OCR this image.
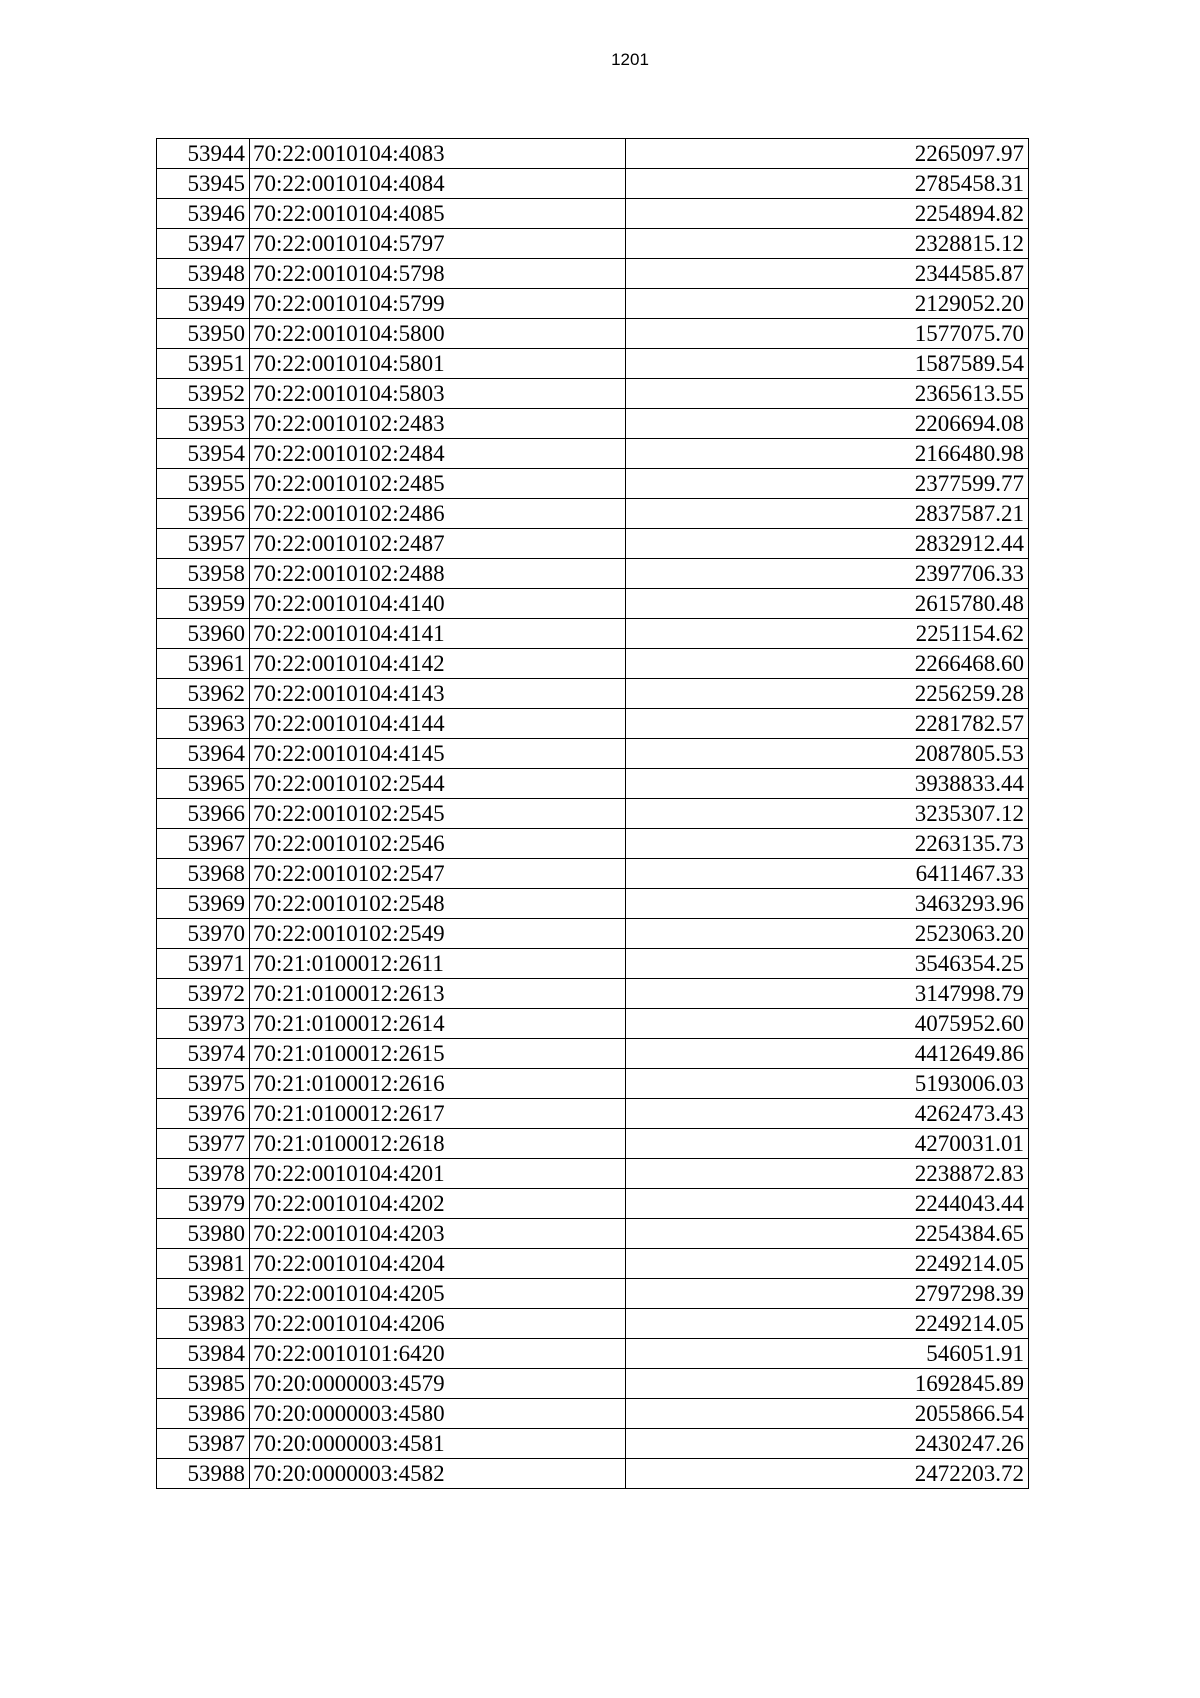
1201
53944	70:22:0010104:4083	2265097.97
53945	70:22:0010104:4084	2785458.31
53946	70:22:0010104:4085	2254894.82
53947	70:22:0010104:5797	2328815.12
53948	70:22:0010104:5798	2344585.87
53949	70:22:0010104:5799	2129052.20
53950	70:22:0010104:5800	1577075.70
53951	70:22:0010104:5801	1587589.54
53952	70:22:0010104:5803	2365613.55
53953	70:22:0010102:2483	2206694.08
53954	70:22:0010102:2484	2166480.98
53955	70:22:0010102:2485	2377599.77
53956	70:22:0010102:2486	2837587.21
53957	70:22:0010102:2487	2832912.44
53958	70:22:0010102:2488	2397706.33
53959	70:22:0010104:4140	2615780.48
53960	70:22:0010104:4141	2251154.62
53961	70:22:0010104:4142	2266468.60
53962	70:22:0010104:4143	2256259.28
53963	70:22:0010104:4144	2281782.57
53964	70:22:0010104:4145	2087805.53
53965	70:22:0010102:2544	3938833.44
53966	70:22:0010102:2545	3235307.12
53967	70:22:0010102:2546	2263135.73
53968	70:22:0010102:2547	6411467.33
53969	70:22:0010102:2548	3463293.96
53970	70:22:0010102:2549	2523063.20
53971	70:21:0100012:2611	3546354.25
53972	70:21:0100012:2613	3147998.79
53973	70:21:0100012:2614	4075952.60
53974	70:21:0100012:2615	4412649.86
53975	70:21:0100012:2616	5193006.03
53976	70:21:0100012:2617	4262473.43
53977	70:21:0100012:2618	4270031.01
53978	70:22:0010104:4201	2238872.83
53979	70:22:0010104:4202	2244043.44
53980	70:22:0010104:4203	2254384.65
53981	70:22:0010104:4204	2249214.05
53982	70:22:0010104:4205	2797298.39
53983	70:22:0010104:4206	2249214.05
53984	70:22:0010101:6420	546051.91
53985	70:20:0000003:4579	1692845.89
53986	70:20:0000003:4580	2055866.54
53987	70:20:0000003:4581	2430247.26
53988	70:20:0000003:4582	2472203.72
